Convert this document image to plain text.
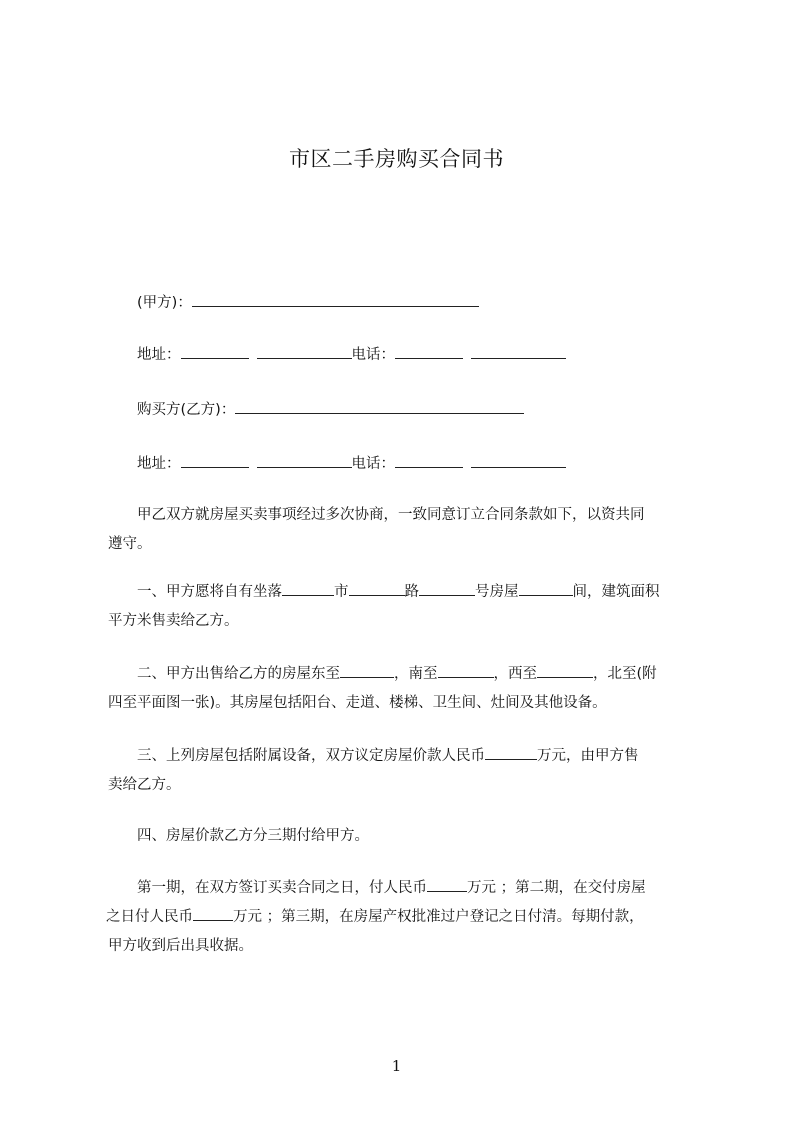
市区二手房购买合同书
(甲方)：
地址：	电话：
购买方(乙方)：
地址：	电话：
甲乙双方就房屋买卖事项经过多次协商，一致同意订立合同条款如下，以资共同
遵守。
一、甲方愿将自有坐落	市	路	号房屋	间，建筑面积
平方米售卖给乙方。
二、甲方出售给乙方的房屋东至	，南至	，西至	，北至(附
四至平面图一张)。其房屋包括阳台、走道、楼梯、卫生间、灶间及其他设备。
三、上列房屋包括附属设备，双方议定房屋价款人民币	万元，由甲方售
卖给乙方。
四、房屋价款乙方分三期付给甲方。
第一期，在双方签订买卖合同之日，付人民币	万元 ；第二期，在交付房屋
之日付人民币	万元 ；第三期，在房屋产权批准过户登记之日付清。每期付款，
甲方收到后出具收据。
1
